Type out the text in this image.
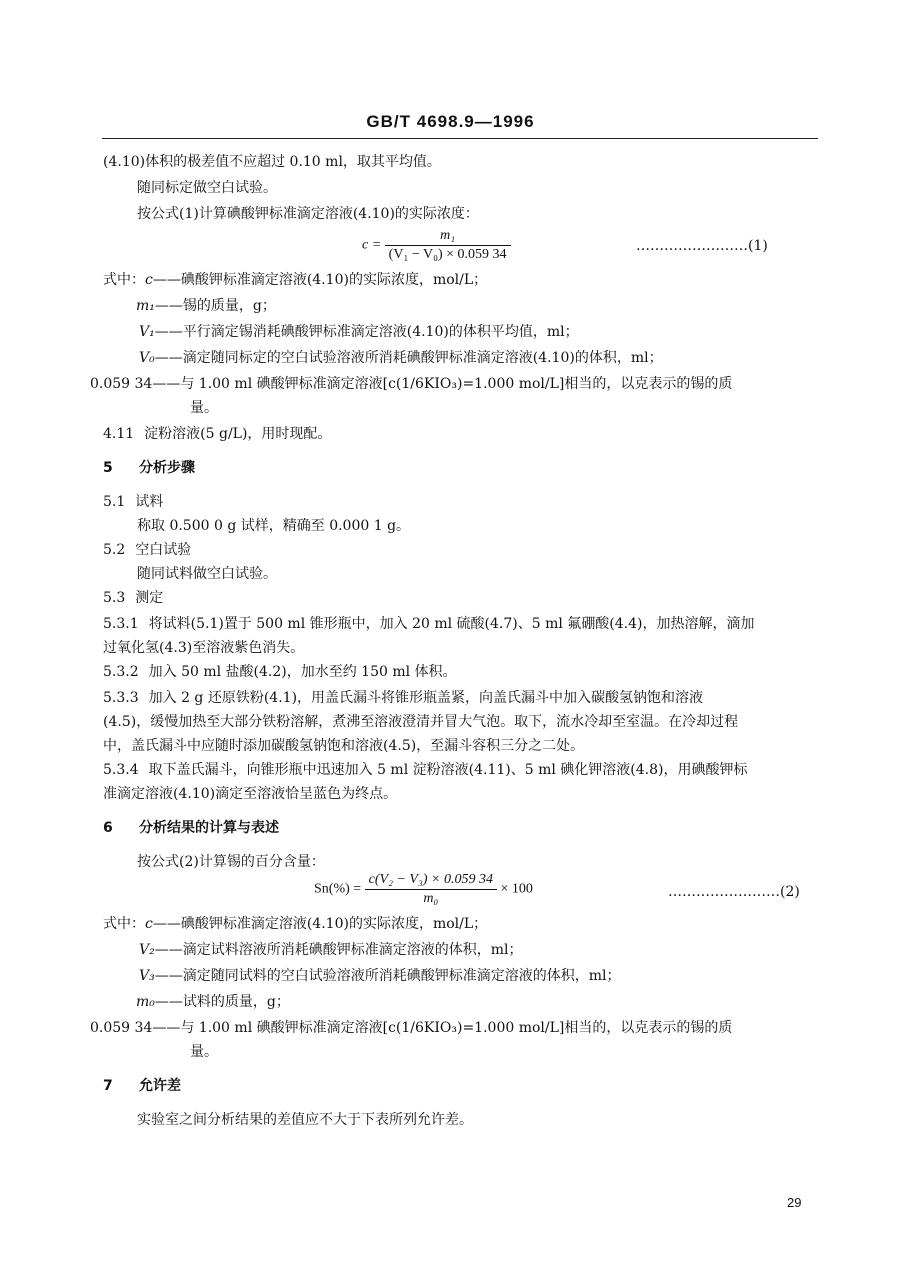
GB/T 4698.9—1996
(4.10)体积的极差值不应超过 0.10 ml，取其平均值。
随同标定做空白试验。
按公式(1)计算碘酸钾标准滴定溶液(4.10)的实际浓度：
$c = \frac{\text{m₁}}{\text{(V₁ − V₀) × 0.059 34}}$	……………………(1)
式中：c——碘酸钾标准滴定溶液(4.10)的实际浓度，mol/L；
m₁——锡的质量，g；
V₁——平行滴定锡消耗碘酸钾标准滴定溶液(4.10)的体积平均值，ml；
V₀——滴定随同标定的空白试验溶液所消耗碘酸钾标准滴定溶液(4.10)的体积，ml；
0.059 34——与 1.00 ml 碘酸钾标准滴定溶液[c(1/6KIO₃)=1.000 mol/L]相当的，以克表示的锡的质
量。
4.11 淀粉溶液(5 g/L)，用时现配。
5 分析步骤
5.1 试料
称取 0.500 0 g 试样，精确至 0.000 1 g。
5.2 空白试验
随同试料做空白试验。
5.3 测定
5.3.1 将试料(5.1)置于 500 ml 锥形瓶中，加入 20 ml 硫酸(4.7)、5 ml 氟硼酸(4.4)，加热溶解，滴加
过氧化氢(4.3)至溶液紫色消失。
5.3.2 加入 50 ml 盐酸(4.2)，加水至约 150 ml 体积。
5.3.3 加入 2 g 还原铁粉(4.1)，用盖氏漏斗将锥形瓶盖紧，向盖氏漏斗中加入碳酸氢钠饱和溶液
(4.5)，缓慢加热至大部分铁粉溶解，煮沸至溶液澄清并冒大气泡。取下，流水冷却至室温。在冷却过程
中，盖氏漏斗中应随时添加碳酸氢钠饱和溶液(4.5)，至漏斗容积三分之二处。
5.3.4 取下盖氏漏斗，向锥形瓶中迅速加入 5 ml 淀粉溶液(4.11)、5 ml 碘化钾溶液(4.8)，用碘酸钾标
准滴定溶液(4.10)滴定至溶液恰呈蓝色为终点。
6 分析结果的计算与表述
按公式(2)计算锡的百分含量：
$Sn(\%) = \frac{\text{c(V₂ − V₃) × 0.059 34}}{\text{m₀}} \times 100$	……………………(2)
式中：c——碘酸钾标准滴定溶液(4.10)的实际浓度，mol/L；
V₂——滴定试料溶液所消耗碘酸钾标准滴定溶液的体积，ml；
V₃——滴定随同试料的空白试验溶液所消耗碘酸钾标准滴定溶液的体积，ml；
m₀——试料的质量，g；
0.059 34——与 1.00 ml 碘酸钾标准滴定溶液[c(1/6KIO₃)=1.000 mol/L]相当的，以克表示的锡的质
量。
7 允许差
实验室之间分析结果的差值应不大于下表所列允许差。
29
